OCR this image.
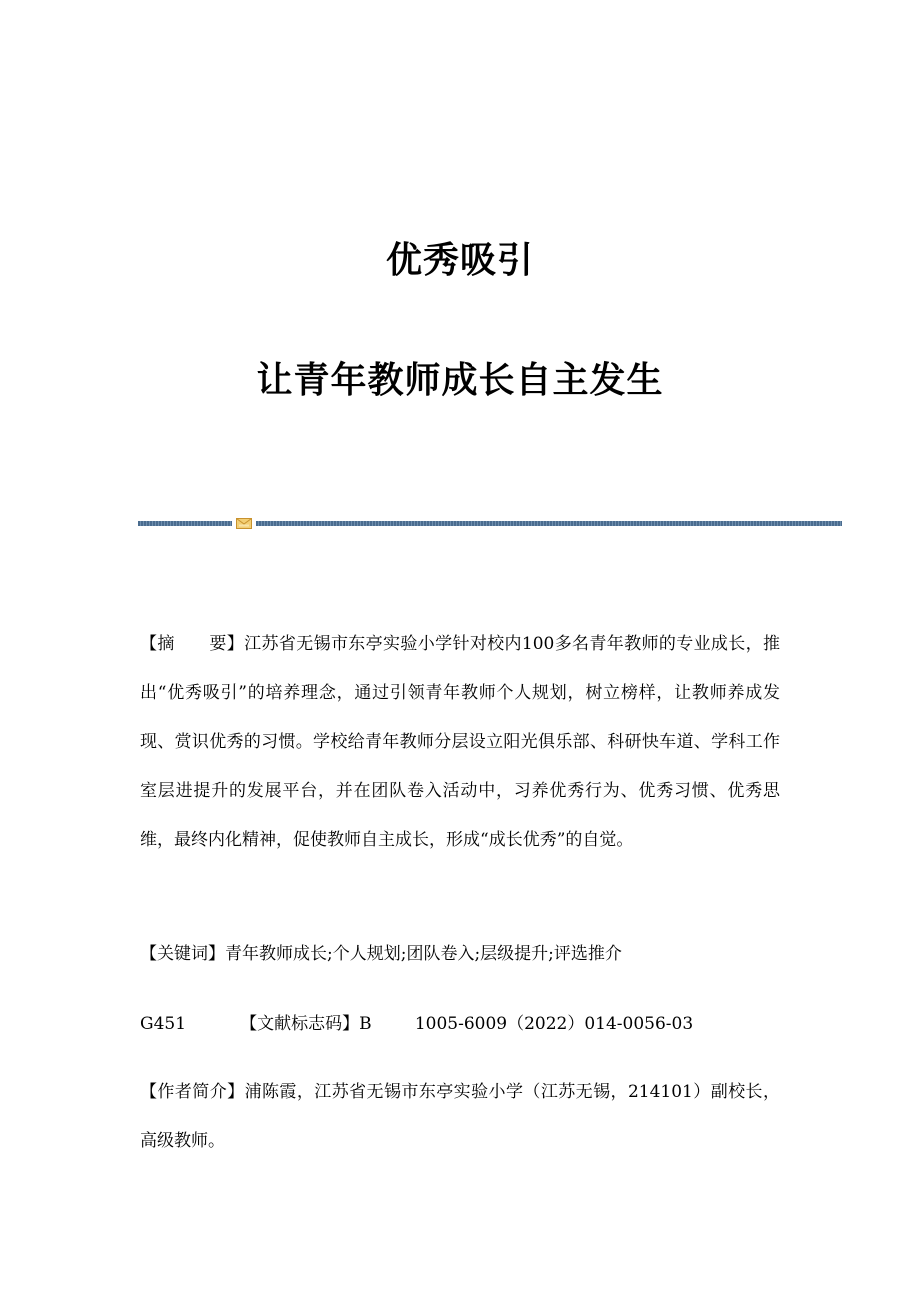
优秀吸引
让青年教师成长自主发生

【摘　　要】江苏省无锡市东亭实验小学针对校内100多名青年教师的专业成长，推出“优秀吸引”的培养理念，通过引领青年教师个人规划，树立榜样，让教师养成发现、赏识优秀的习惯。学校给青年教师分层设立阳光俱乐部、科研快车道、学科工作室层进提升的发展平台，并在团队卷入活动中，习养优秀行为、优秀习惯、优秀思维，最终内化精神，促使教师自主成长，形成“成长优秀”的自觉。

【关键词】青年教师成长;个人规划;团队卷入;层级提升;评选推介

G451	【文献标志码】B	1005-6009（2022）014-0056-03

【作者简介】浦陈霞，江苏省无锡市东亭实验小学（江苏无锡，214101）副校长，高级教师。
